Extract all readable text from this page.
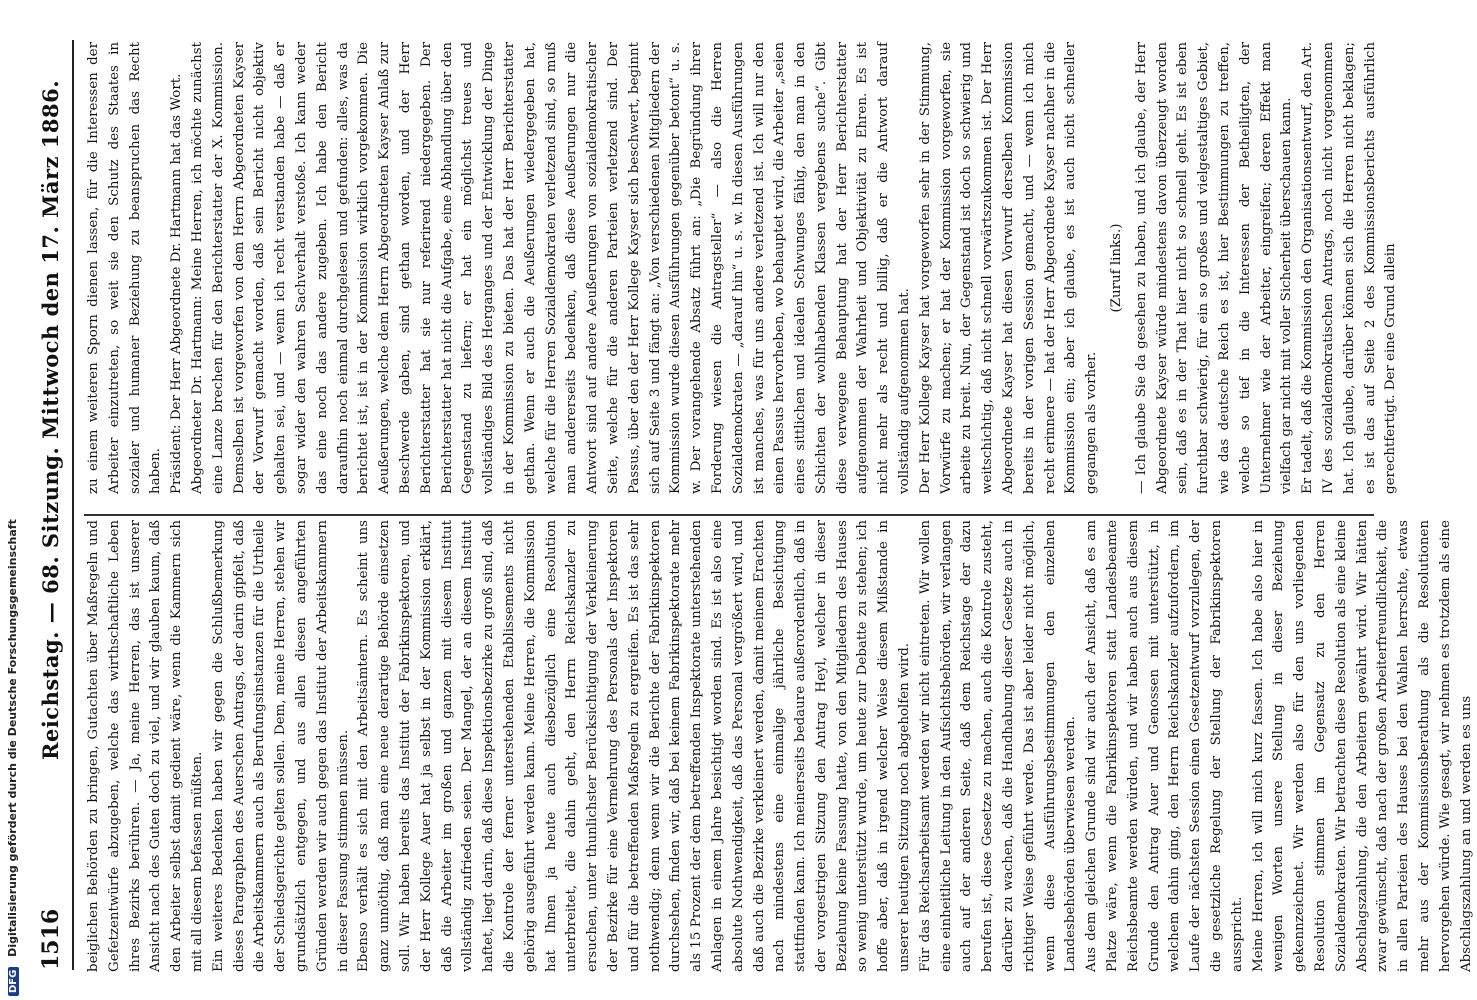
1516
Reichstag. — 68. Sitzung. Mittwoch den 17. März 1886. beiglichen Behörden zu bringen, Gutachten über Maßregeln und Gefetzentwürfe abzugeben, welche das wirthschaftliche Leben ihres Bezirks berühren. — Ja, meine Herren, das ist unserer Ansicht nach des Guten doch zu viel, und wir glauben kaum, daß den Arbeiter selbst damit gedient wäre, wenn die Kammern sich mit all diesem befassen müßten. Ein weiteres Bedenken haben wir gegen die Schlußbemerkung dieses Paragraphen des Auerschen Antrags, der darin gipfelt, daß die Arbeitskammern auch als Berufungsinstanzen für die Urtheile der Schiedsgerichte gelten sollen. Dem, meine Herren, stehen wir grundsätzlich entgegen, und aus allen diesen angeführten Gründen werden wir auch gegen das Institut der Arbeitskammern in dieser Fassung stimmen müssen. Ebenso verhält es sich mit den Arbeitsämtern. Es scheint uns ganz unnöthig, daß man eine neue derartige Behörde einsetzen soll. Wir haben bereits das Institut der Fabrikinspektoren, und der Herr Kollege Auer hat ja selbst in der Kommission erklärt, daß die Arbeiter im großen und ganzen mit diesem Institut vollständig zufrieden seien. Der Mangel, der an diesem Institut haftet, liegt darin, daß diese Inspektionsbezirke zu groß sind, daß die Kontrole der ferner unterstehenden Etablissements nicht gehörig ausgeführt werden kann. Meine Herren, die Kommission hat Ihnen ja heute auch diesbezüglich eine Resolution unterbreitet, die dahin geht, den Herrn Reichskanzler zu ersuchen, unter thunlichster Berücksichtigung der Verkleinerung der Bezirke für eine Vermehrung des Personals der Inspektoren und für die betreffenden Maßregeln zu ergreifen. Es ist das sehr nothwendig; denn wenn wir die Berichte der Fabrikinspektoren durchsehen, finden wir, daß bei keinem Fabrikinspektorate mehr als 15 Prozent der dem betreffenden Inspektorate unterstehenden Anlagen in einem Jahre besichtigt worden sind. Es ist also eine absolute Nothwendigkeit, daß das Personal vergrößert wird, und daß auch die Bezirke verkleinert werden, damit meinem Erachten nach mindestens eine einmalige jährliche Besichtigung stattfinden kann. Ich meinerseits bedaure außerordentlich, daß in der vorgestrigen Sitzung den Antrag Heyl, welcher in dieser Beziehung keine Fassung hatte, von den Mitgliedern des Hauses so wenig unterstützt wurde, um heute zur Debatte zu stehen; ich hoffe aber, daß in irgend welcher Weise diesem Mißstande in unserer heutigen Sitzung noch abgeholfen wird. Für das Reichsarbeitsamt werden wir nicht eintreten. Wir wollen eine einheitliche Leitung in den Aufsichtsbehörden, wir verlangen auch auf der anderen Seite, daß dem Reichstage der dazu berufen ist, diese Gesetze zu machen, auch die Kontrole zusteht, darüber zu wachen, daß die Handhabung dieser Gesetze auch in richtiger Weise geführt werde. Das ist aber leider nicht möglich, wenn diese Ausführungsbestimmungen den einzelnen Landesbehörden überwiesen werden. Aus dem gleichen Grunde sind wir auch der Ansicht, daß es am Platze wäre, wenn die Fabrikinspektoren statt Landesbeamte Reichsbeamte werden würden, und wir haben auch aus diesem Grunde den Antrag Auer und Genossen mit unterstützt, in welchem dahin ging, den Herrn Reichskanzler aufzufordern, im Laufe der nächsten Session einen Gesetzentwurf vorzulegen, der die gesetzliche Regelung der Stellung der Fabrikinspektoren ausspricht. Meine Herren, ich will mich kurz fassen. Ich habe also hier in wenigen Worten unsere Stellung in dieser Beziehung gekennzeichnet. Wir werden also für den uns vorliegenden Resolution stimmen im Gegensatz zu den Herren Sozialdemokraten. Wir betrachten diese Resolution als eine kleine Abschlagszahlung, die den Arbeitern gewährt wird. Wir hätten zwar gewünscht, daß nach der großen Arbeiterfreundlichkeit, die in allen Parteien des Hauses bei den Wahlen herrschte, etwas mehr aus der Kommissionsberathung als die Resolutionen hervorgehen würde. Wie gesagt, wir nehmen es trotzdem als eine Abschlagszahlung an und werden es uns

zu einem weiteren Sporn dienen lassen, für die Interessen der Arbeiter einzutreten, so weit sie den Schutz des Staates in sozialer und humaner Beziehung zu beanspruchen das Recht haben. Präsident: Der Herr Abgeordnete Dr. Hartmann hat das Wort. Abgeordneter Dr. Hartmann: Meine Herren, ich möchte zunächst eine Lanze brechen für den Berichterstatter der X. Kommission. Demselben ist vorgeworfen von dem Herrn Abgeordneten Kayser der Vorwurf gemacht worden, daß sein Bericht nicht objektiv gehalten sei, und — wenn ich recht verstanden habe — daß er sogar wider den wahren Sachverhalt verstoße. Ich kann weder das eine noch das andere zugeben. Ich habe den Bericht daraufhin noch einmal durchgelesen und gefunden: alles, was da berichtet ist, ist in der Kommission wirklich vorgekommen. Die Aeußerungen, welche dem Herrn Abgeordneten Kayser Anlaß zur Beschwerde gaben, sind gethan worden, und der Herr Berichterstatter hat sie nur referirend niedergegeben. Der Berichterstatter hat nicht die Aufgabe, eine Abhandlung über den Gegenstand zu liefern; er hat ein möglichst treues und vollständiges Bild des Herganges und der Entwicklung der Dinge in der Kommission zu bieten. Das hat der Herr Berichterstatter gethan. Wenn er auch die Aeußerungen wiedergegeben hat, welche für die Herren Sozialdemokraten verletzend sind, so muß man andererseits bedenken, daß diese Aeußerungen nur die Antwort sind auf andere Aeußerungen von sozialdemokratischer Seite, welche für die anderen Parteien verletzend sind. Der Passus, über den der Herr Kollege Kayser sich beschwert, beginnt sich auf Seite 3 und fängt an: „Von verschiedenen Mitgliedern der Kommission wurde diesen Ausführungen gegenüber betont“ u. s. w. Der vorangehende Absatz führt an: „Die Begründung ihrer Forderung wiesen die Antragsteller“ — also die Herren Sozialdemokraten — „darauf hin“ u. s. w. In diesen Ausführungen ist manches, was für uns andere verletzend ist. Ich will nur den einen Passus hervorheben, wo behauptet wird, die Arbeiter „seien eines sittlichen und idealen Schwunges fähig, den man in den Schichten der wohlhabenden Klassen vergebens suche“. Gibt diese verwegene Behauptung hat der Herr Berichterstatter aufgenommen der Wahrheit und Objektivität zu Ehren. Es ist nicht mehr als recht und billig, daß er die Antwort darauf vollständig aufgenommen hat. Der Herr Kollege Kayser hat vorgeworfen sehr in der Stimmung, Vorwürfe zu machen; er hat der Kommission vorgeworfen, sie arbeite zu breit. Nun, der Gegenstand ist doch so schwierig und weitschichtig, daß nicht schnell vorwärtszukommen ist. Der Herr Abgeordnete Kayser hat diesen Vorwurf derselben Kommission bereits in der vorigen Session gemacht, und — wenn ich mich recht erinnere — hat der Herr Abgeordnete Kayser nachher in die Kommission ein; aber ich glaube, es ist auch nicht schneller gegangen als vorher.

(Zuruf links.) — Ich glaube Sie da gesehen zu haben, und ich glaube, der Herr Abgeordnete Kayser würde mindestens davon überzeugt worden sein, daß es in der That hier nicht so schnell geht. Es ist eben furchtbar schwierig, für ein so großes und vielgestaltiges Gebiet, wie das deutsche Reich es ist, hier Bestimmungen zu treffen, welche so tief in die Interessen der Betheiligten, der Unternehmer wie der Arbeiter, eingreifen; deren Effekt man vielfach gar nicht mit voller Sicherheit überschauen kann. Er tadelt, daß die Kommission den Organisationsentwurf, den Art. IV des sozialdemokratischen Antrags, noch nicht vorgenommen hat. Ich glaube, darüber können sich die Herren nicht beklagen; es ist das auf Seite 2 des Kommissionsberichts ausführlich gerechtfertigt. Der eine Grund allein

DFG Digitalisierung gefördert durch die Deutsche Forschungsgemeinschaft
